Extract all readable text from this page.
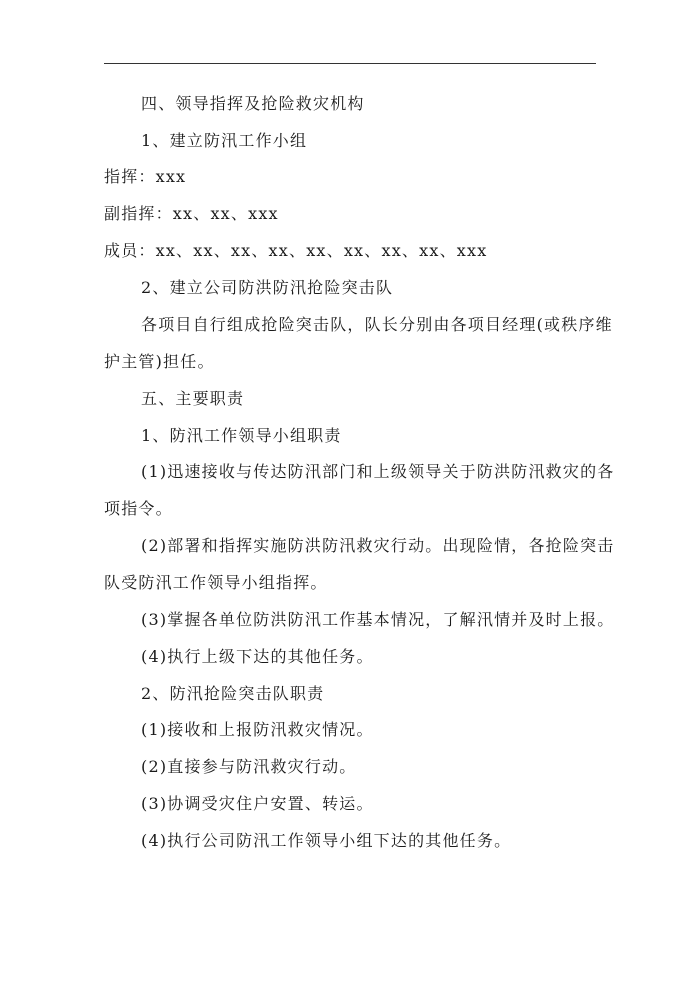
四、领导指挥及抢险救灾机构
1、建立防汛工作小组
指挥：xxx
副指挥：xx、xx、xxx
成员：xx、xx、xx、xx、xx、xx、xx、xx、xxx
2、建立公司防洪防汛抢险突击队
各项目自行组成抢险突击队，队长分别由各项目经理(或秩序维
护主管)担任。
五、主要职责
1、防汛工作领导小组职责
(1)迅速接收与传达防汛部门和上级领导关于防洪防汛救灾的各
项指令。
(2)部署和指挥实施防洪防汛救灾行动。出现险情，各抢险突击
队受防汛工作领导小组指挥。
(3)掌握各单位防洪防汛工作基本情况，了解汛情并及时上报。
(4)执行上级下达的其他任务。
2、防汛抢险突击队职责
(1)接收和上报防汛救灾情况。
(2)直接参与防汛救灾行动。
(3)协调受灾住户安置、转运。
(4)执行公司防汛工作领导小组下达的其他任务。
